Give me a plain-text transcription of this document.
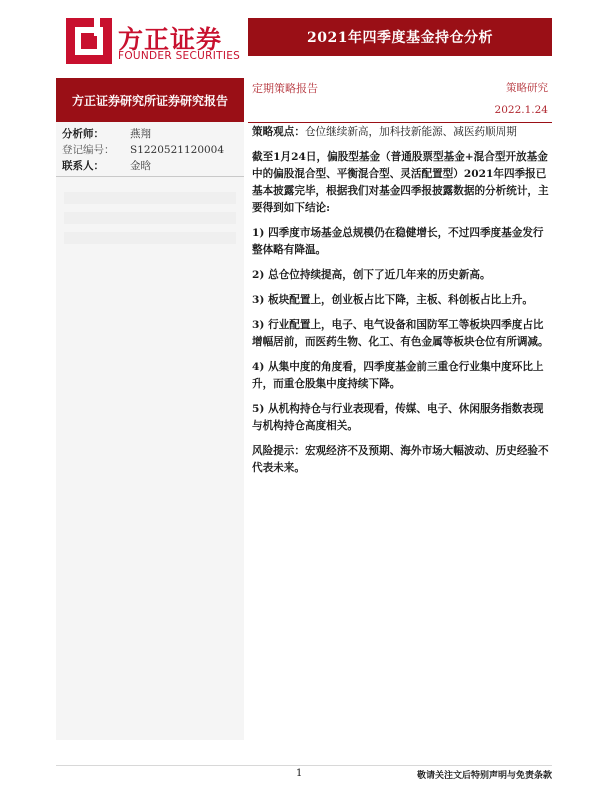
方正证券
FOUNDER SECURITIES
2021年四季度基金持仓分析
方正证券研究所证券研究报告
定期策略报告	策略研究
2022.1.24
分析师：	燕翔
登记编号：	S1220521120004
联系人：	金晗

策略观点：仓位继续新高，加科技新能源、减医药顺周期

截至1月24日，偏股型基金（普通股票型基金+混合型开放基金中的偏股混合型、平衡混合型、灵活配置型）2021年四季报已基本披露完毕，根据我们对基金四季报披露数据的分析统计，主要得到如下结论:

1) 四季度市场基金总规模仍在稳健增长，不过四季度基金发行整体略有降温。

2) 总仓位持续提高，创下了近几年来的历史新高。

3) 板块配置上，创业板占比下降，主板、科创板占比上升。

3) 行业配置上，电子、电气设备和国防军工等板块四季度占比增幅居前，而医药生物、化工、有色金属等板块仓位有所调减。

4) 从集中度的角度看，四季度基金前三重仓行业集中度环比上升，而重仓股集中度持续下降。

5) 从机构持仓与行业表现看，传媒、电子、休闲服务指数表现与机构持仓高度相关。

风险提示：宏观经济不及预期、海外市场大幅波动、历史经验不代表未来。

1	敬请关注文后特别声明与免责条款
